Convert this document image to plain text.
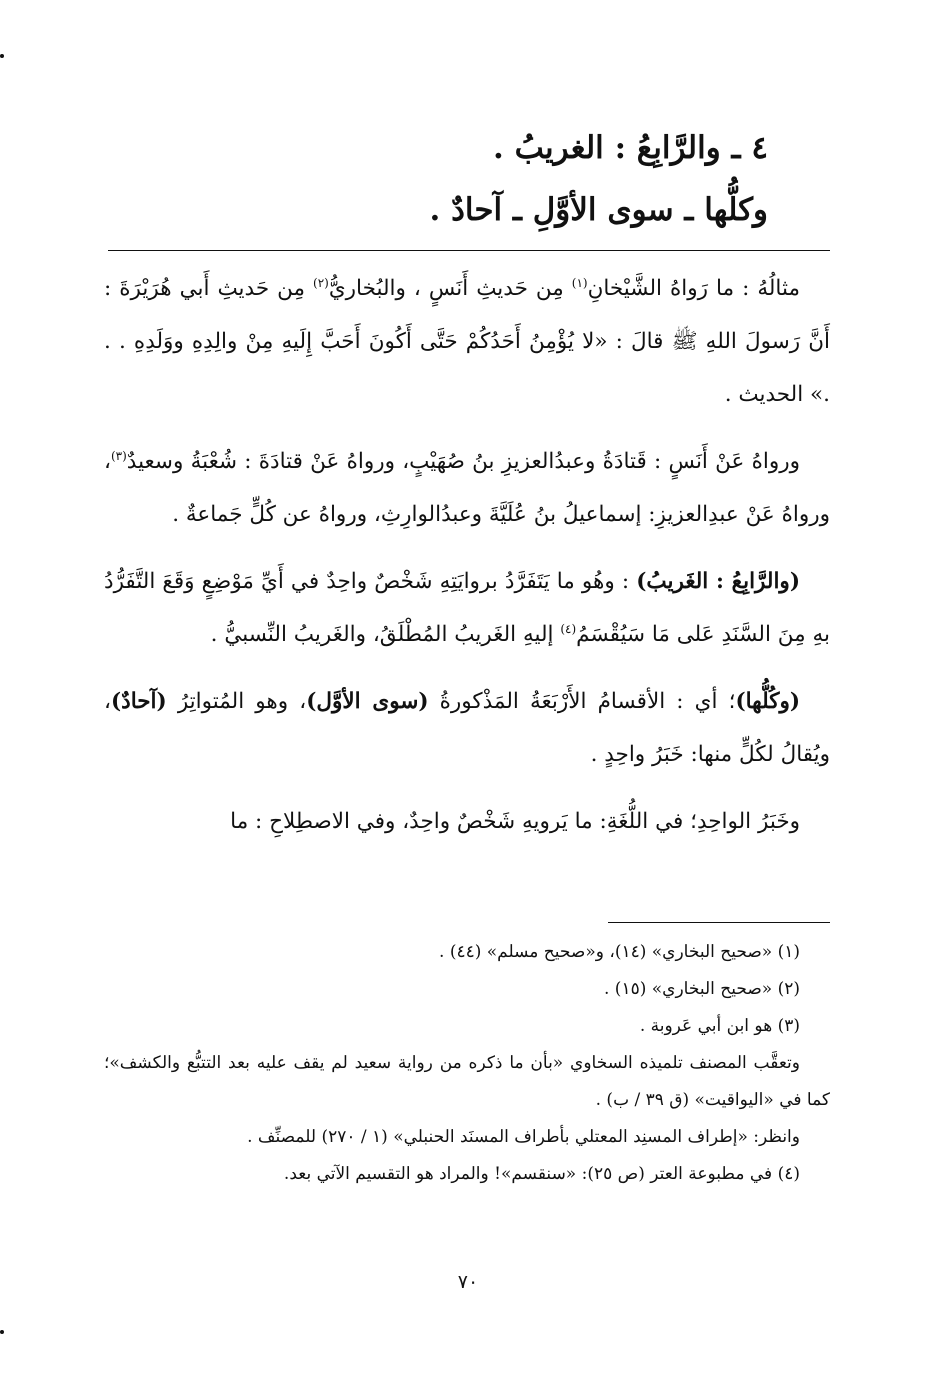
٤ ـ والرَّابِعُ : الغريبُ .
وكلُّها ـ سوى الأوَّلِ ـ آحادٌ .

مثالُهُ : ما رَواهُ الشَّيْخانِ$^{(١)}$ مِن حَديثِ أَنَسٍ ، والبُخاريُّ$^{(٢)}$ مِن حَديثِ أَبي هُرَيْرَةَ : أَنَّ رَسولَ اللهِ ﷺ قالَ : «لا يُؤْمِنُ أَحَدُكُمْ حَتَّى أَكُونَ أَحَبَّ إِلَيهِ مِنْ والِدِهِ ووَلَدِهِ . . .» الحديث .

ورواهُ عَنْ أَنَسٍ : قَتادَةُ وعبدُالعزيزِ بنُ صُهَيْبٍ، ورواهُ عَنْ قتادَةَ : شُعْبَةُ وسعيدٌ$^{(٣)}$، ورواهُ عَنْ عبدِالعزيزِ: إسماعيلُ بنُ عُلَيَّةَ وعبدُالوارِثِ، ورواهُ عن كُلٍّ جَماعةٌ .

(والرَّابِعُ : الغَريبُ) : وهُو ما يَتَفَرَّدُ بروايَتِهِ شَخْصٌ واحِدٌ في أَيِّ مَوْضِعٍ وَقَعَ التَّفَرُّدُ بهِ مِنَ السَّنَدِ عَلى مَا سَيُقْسَمُ$^{(٤)}$ إليهِ الغَريبُ المُطْلَقُ، والغَريبُ النِّسبيُّ .

(وكُلُّها)؛ أي : الأقسامُ الأَرْبَعَةُ المَذْكورةُ (سوى الأوَّل)، وهو المُتواتِرُ (آحادٌ)، ويُقالُ لكُلٍّ منها: خَبَرُ واحِدٍ .

وخَبَرُ الواحِدِ؛ في اللُّغَةِ: ما يَرويهِ شَخْصٌ واحِدٌ، وفي الاصطِلاحِ : ما

(١) «صحيح البخاري» (١٤)، و«صحيح مسلم» (٤٤) .

(٢) «صحيح البخاري» (١٥) .

(٣) هو ابن أبي عَروبة .

وتعقَّب المصنف تلميذه السخاوي «بأن ما ذكره من رواية سعيد لم يقف عليه بعد التتبُّع والكشف»؛ كما في «اليواقيت» (ق ٣٩ / ب) .

وانظر: «إطراف المسنِد المعتلي بأطراف المسنَد الحنبلي» (١ / ٢٧٠) للمصنِّف .

(٤) في مطبوعة العتر (ص ٢٥): «سنقسم»! والمراد هو التقسيم الآتي بعد.

٧٠
